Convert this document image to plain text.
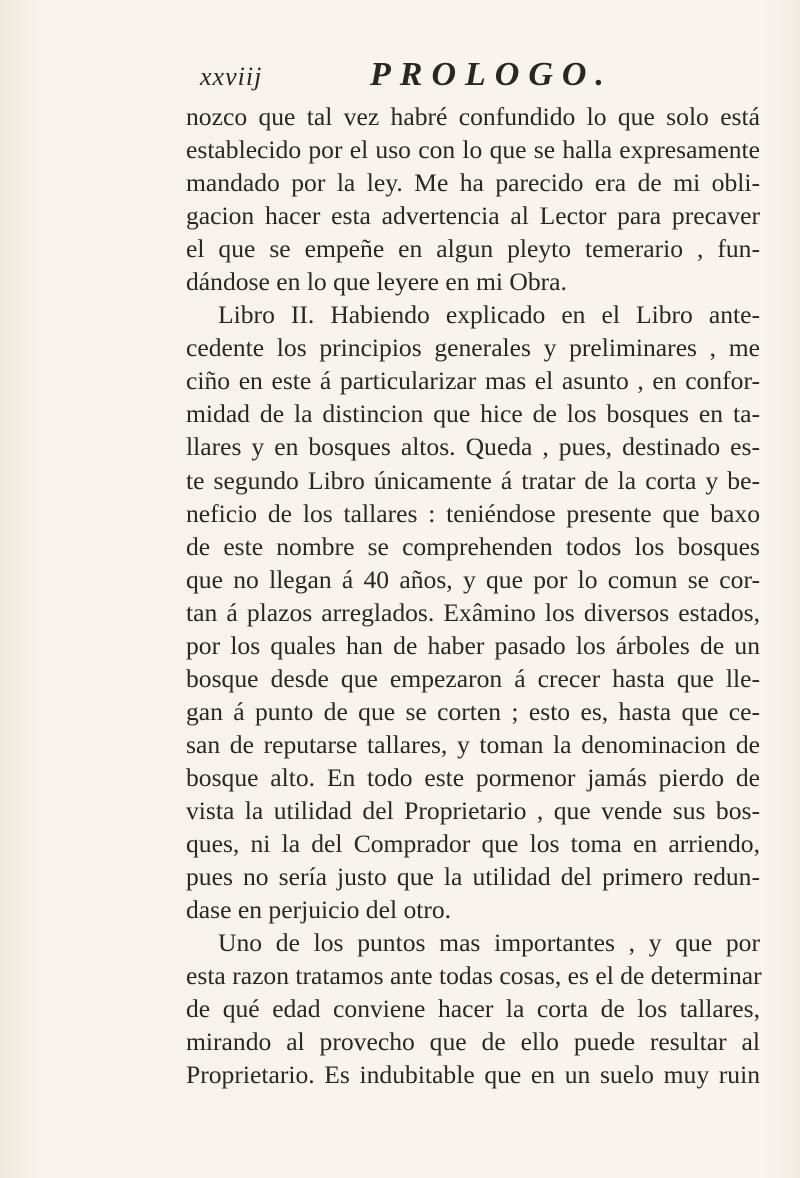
xxviij	PROLOGO.
nozco que tal vez habré confundido lo que solo está
establecido por el uso con lo que se halla expresamente
mandado por la ley. Me ha parecido era de mi obli-
gacion hacer esta advertencia al Lector para precaver
el que se empeñe en algun pleyto temerario , fun-
dándose en lo que leyere en mi Obra.
Libro II. Habiendo explicado en el Libro ante-
cedente los principios generales y preliminares , me
ciño en este á particularizar mas el asunto , en confor-
midad de la distincion que hice de los bosques en ta-
llares y en bosques altos. Queda , pues, destinado es-
te segundo Libro únicamente á tratar de la corta y be-
neficio de los tallares : teniéndose presente que baxo
de este nombre se comprehenden todos los bosques
que no llegan á 40 años, y que por lo comun se cor-
tan á plazos arreglados. Exâmino los diversos estados,
por los quales han de haber pasado los árboles de un
bosque desde que empezaron á crecer hasta que lle-
gan á punto de que se corten ; esto es, hasta que ce-
san de reputarse tallares, y toman la denominacion de
bosque alto. En todo este pormenor jamás pierdo de
vista la utilidad del Proprietario , que vende sus bos-
ques, ni la del Comprador que los toma en arriendo,
pues no sería justo que la utilidad del primero redun-
dase en perjuicio del otro.
Uno de los puntos mas importantes , y que por
esta razon tratamos ante todas cosas, es el de determinar
de qué edad conviene hacer la corta de los tallares,
mirando al provecho que de ello puede resultar al
Proprietario. Es indubitable que en un suelo muy ruin
